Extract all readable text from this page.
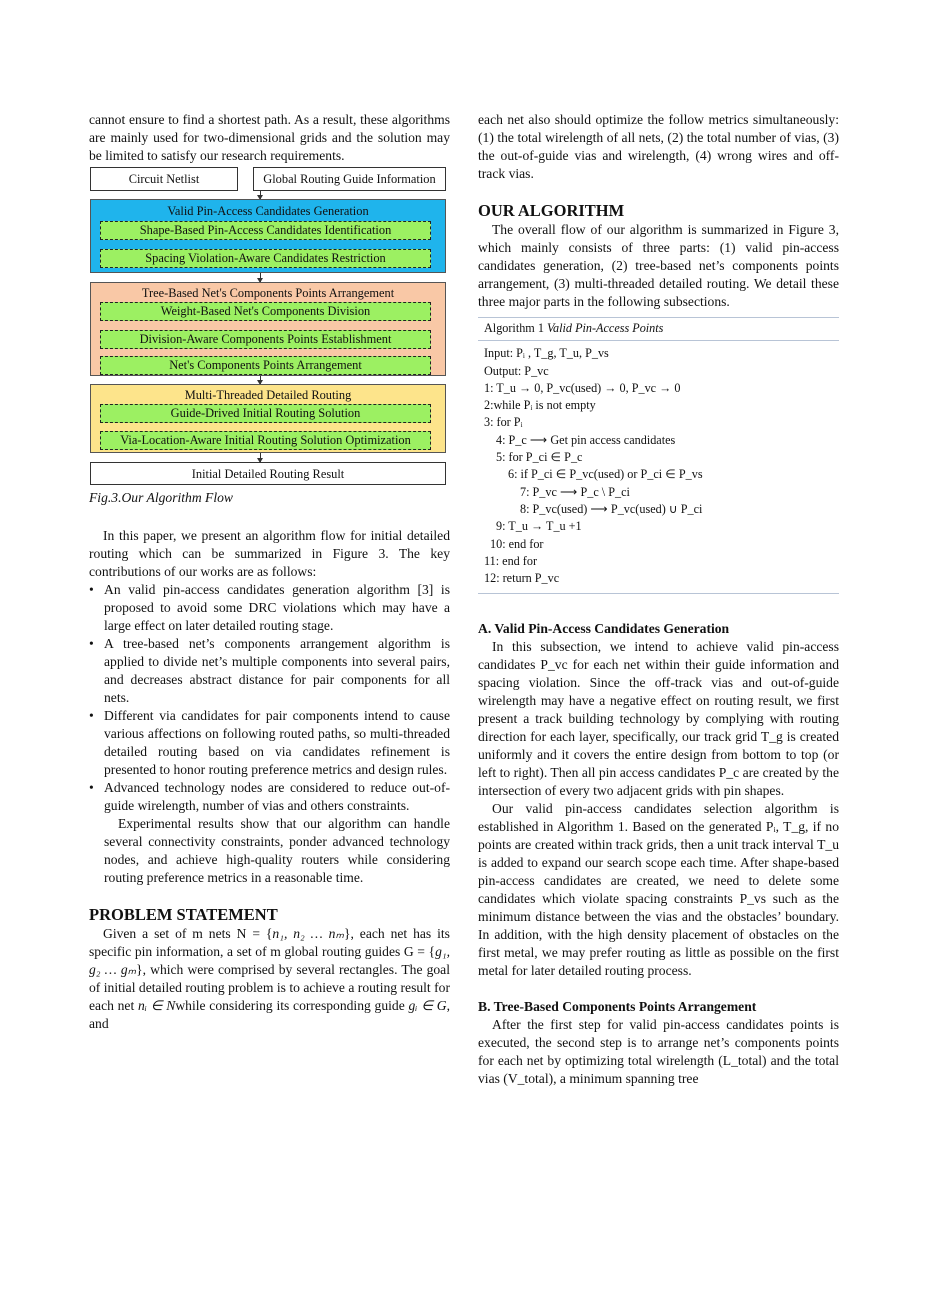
cannot ensure to find a shortest path. As a result, these algorithms are mainly used for two-dimensional grids and the solution may be limited to satisfy our research requirements.

Circuit Netlist	Global Routing Guide Information
Valid Pin-Access Candidates Generation
Shape-Based Pin-Access Candidates Identification
Spacing Violation-Aware Candidates Restriction
Tree-Based Net's Components Points Arrangement
Weight-Based Net's Components Division
Division-Aware Components Points Establishment
Net's Components Points Arrangement
Multi-Threaded Detailed Routing
Guide-Drived Initial Routing Solution
Via-Location-Aware Initial Routing Solution Optimization
Initial Detailed Routing Result

Fig.3.Our Algorithm Flow

In this paper, we present an algorithm flow for initial detailed routing which can be summarized in Figure 3. The key contributions of our works are as follows:

• An valid pin-access candidates generation algorithm [3] is proposed to avoid some DRC violations which may have a large effect on later detailed routing stage.
• A tree-based net’s components arrangement algorithm is applied to divide net’s multiple components into several pairs, and decreases abstract distance for pair components for all nets.
• Different via candidates for pair components intend to cause various affections on following routed paths, so multi-threaded detailed routing based on via candidates refinement is presented to honor routing preference metrics and design rules.
• Advanced technology nodes are considered to reduce out-of-guide wirelength, number of vias and others constraints.

Experimental results show that our algorithm can handle several connectivity constraints, ponder advanced technology nodes, and achieve high-quality routers while considering routing preference metrics in a reasonable time.

PROBLEM STATEMENT

Given a set of m nets N = {n₁, n₂ … nₘ}, each net has its specific pin information, a set of m global routing guides G = {g₁, g₂ … gₘ}, which were comprised by several rectangles. The goal of initial detailed routing problem is to achieve a routing result for each net nᵢ ∈ Nwhile considering its corresponding guide gᵢ ∈ G, and

each net also should optimize the follow metrics simultaneously: (1) the total wirelength of all nets, (2) the total number of vias, (3) the out-of-guide vias and wirelength, (4) wrong wires and off-track vias.

OUR ALGORITHM

The overall flow of our algorithm is summarized in Figure 3, which mainly consists of three parts: (1) valid pin-access candidates generation, (2) tree-based net’s components points arrangement, (3) multi-threaded detailed routing. We detail these three major parts in the following subsections.

Algorithm 1 Valid Pin-Access Points
Input: Pᵢ , T_g, T_u, P_vs
Output: P_vc
1: T_u → 0, P_vc(used) → 0, P_vc → 0
2:while Pᵢ is not empty
3: for Pᵢ
4: P_c ⟶ Get pin access candidates
5: for P_ci ∈ P_c
6: if P_ci ∈ P_vc(used) or P_ci ∈ P_vs
7: P_vc ⟶ P_c \ P_ci
8: P_vc(used) ⟶ P_vc(used) ∪ P_ci
9: T_u → T_u +1
10: end for
11: end for
12: return P_vc

A. Valid Pin-Access Candidates Generation

In this subsection, we intend to achieve valid pin-access candidates P_vc for each net within their guide information and spacing violation. Since the off-track vias and out-of-guide wirelength may have a negative effect on routing result, we first present a track building technology by complying with routing direction for each layer, specifically, our track grid T_g is created uniformly and it covers the entire design from bottom to top (or left to right). Then all pin access candidates P_c are created by the intersection of every two adjacent grids with pin shapes.

Our valid pin-access candidates selection algorithm is established in Algorithm 1. Based on the generated Pᵢ, T_g, if no points are created within track grids, then a unit track interval T_u is added to expand our search scope each time. After shape-based pin-access candidates are created, we need to delete some candidates which violate spacing constraints P_vs such as the minimum distance between the vias and the obstacles’ boundary. In addition, with the high density placement of obstacles on the first metal, we may prefer routing as little as possible on the first metal for later detailed routing process.

B. Tree-Based Components Points Arrangement

After the first step for valid pin-access candidates points is executed, the second step is to arrange net’s components points for each net by optimizing total wirelength (L_total) and the total vias (V_total), a minimum spanning tree
